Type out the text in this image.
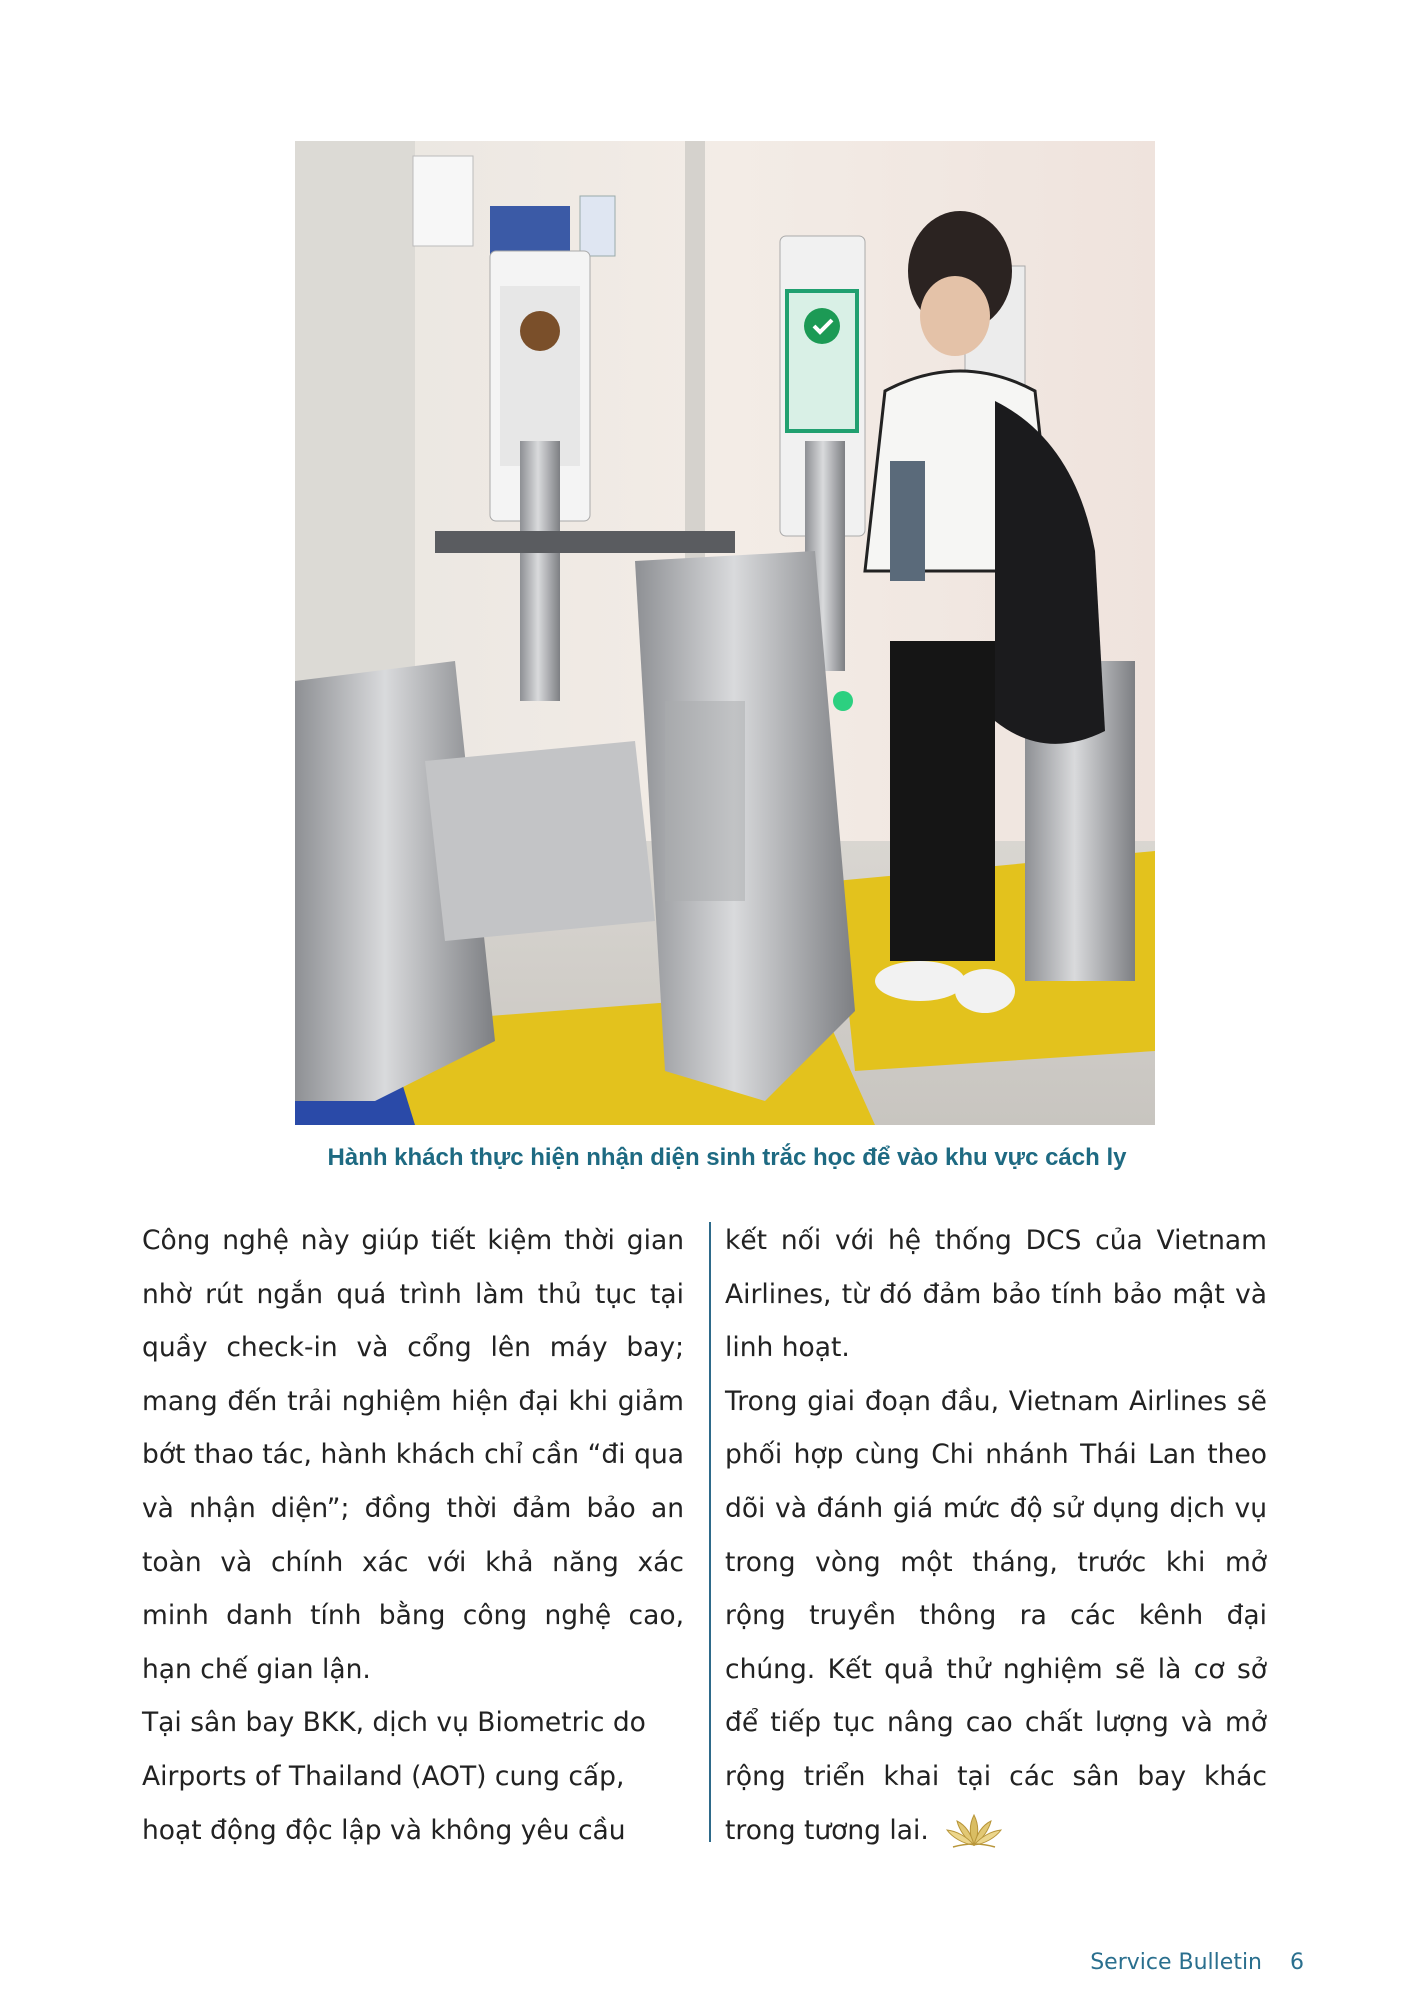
Hành khách thực hiện nhận diện sinh trắc học để vào khu vực cách ly

Công nghệ này giúp tiết kiệm thời gian nhờ rút ngắn quá trình làm thủ tục tại quầy check-in và cổng lên máy bay; mang đến trải nghiệm hiện đại khi giảm bớt thao tác, hành khách chỉ cần “đi qua và nhận diện”; đồng thời đảm bảo an toàn và chính xác với khả năng xác minh danh tính bằng công nghệ cao, hạn chế gian lận.

Tại sân bay BKK, dịch vụ Biometric do Airports of Thailand (AOT) cung cấp, hoạt động độc lập và không yêu cầu

kết nối với hệ thống DCS của Vietnam Airlines, từ đó đảm bảo tính bảo mật và linh hoạt.

Trong giai đoạn đầu, Vietnam Airlines sẽ phối hợp cùng Chi nhánh Thái Lan theo dõi và đánh giá mức độ sử dụng dịch vụ trong vòng một tháng, trước khi mở rộng truyền thông ra các kênh đại chúng. Kết quả thử nghiệm sẽ là cơ sở để tiếp tục nâng cao chất lượng và mở rộng triển khai tại các sân bay khác trong tương lai.

Service Bulletin 6
